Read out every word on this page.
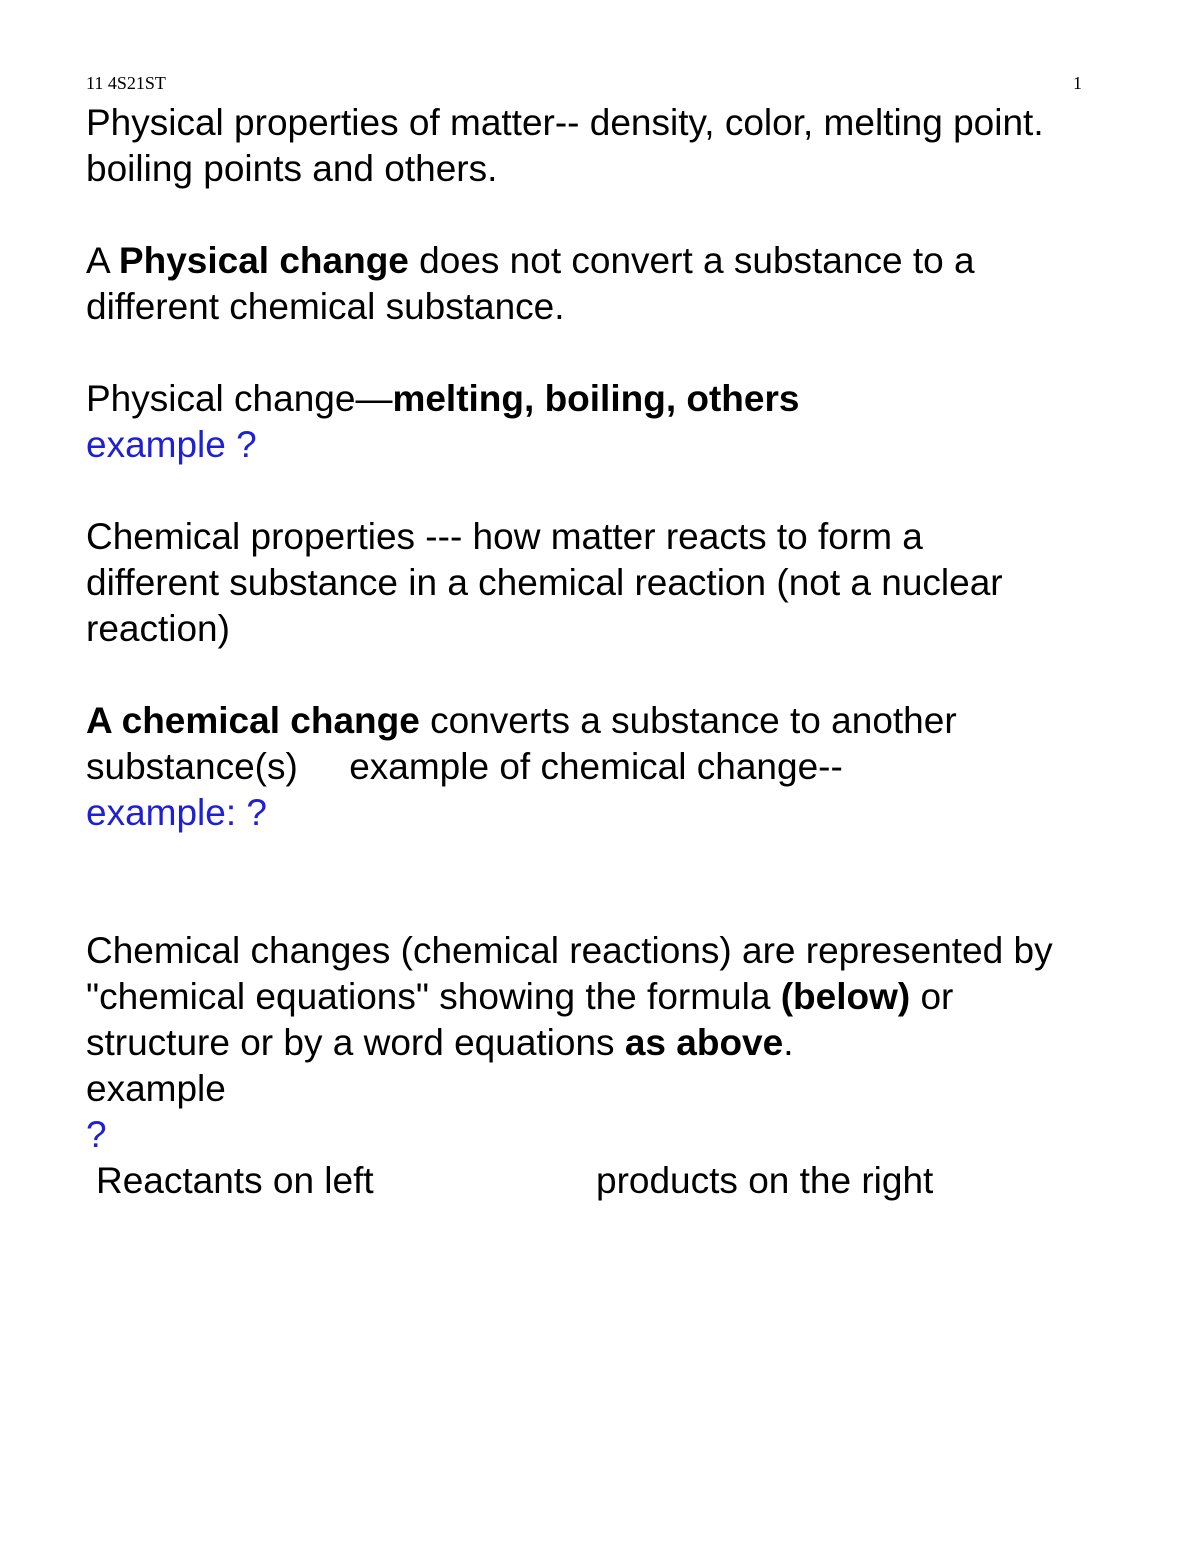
11 4S21ST	1
Physical properties of matter-- density, color, melting point.
boiling points and others.
A Physical change does not convert a substance to a
different chemical substance.
Physical change—melting, boiling, others
example ?
Chemical properties --- how matter reacts to form a
different substance in a chemical reaction (not a nuclear
reaction)
A chemical change converts a substance to another
substance(s)     example of chemical change--
example: ?
Chemical changes (chemical reactions) are represented by
"chemical equations" showing the formula (below) or
structure or by a word equations as above.
example
?
Reactants on left	products on the right
